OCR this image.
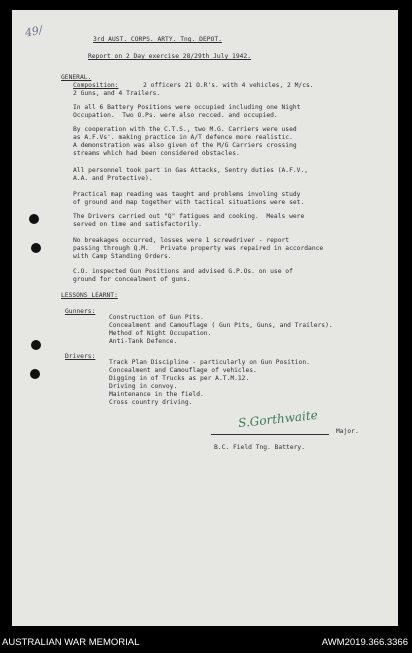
49/	3rd AUST. CORPS. ARTY. Tng. DEPOT.
Report on 2 Day exercise 28/29th July 1942.
GENERAL.
Composition:	2 officers 21 O.R's. with 4 vehicles, 2 M/cs.
2 Guns, and 4 Trailers.
In all 6 Battery Positions were occupied including one Night
Occupation.  Two O.Ps. were also recced. and occupied.
By cooperation with the C.T.S., two M.G. Carriers were used
as A.F.Vs'. making practice in A/T defence more realistic.
A demonstration was also given of the M/G Carriers crossing
streams which had been considered obstacles.
All personnel took part in Gas Attacks, Sentry duties (A.F.V.,
A.A. and Protective).
Practical map reading was taught and problems involing study
of ground and map together with tactical situations were set.
The Drivers carried out "Q" fatigues and cooking.  Meals were
served on time and satisfactorily.
No breakages occurred, losses were 1 screwdriver - report
passing through Q.M.   Private property was repaired in accordance
with Camp Standing Orders.
C.O. inspected Gun Positions and advised G.P.Os. on use of
ground for concealment of guns.
LESSONS LEARNT:
Gunners:
Construction of Gun Pits.
Concealment and Camouflage ( Gun Pits, Guns, and Trailers).
Method of Night Occupation.
Anti-Tank Defence.
Drivers:
Track Plan Discipline - particularly on Gun Position.
Concealment and Camouflage of vehicles.
Digging in of Trucks as per A.T.M.12.
Driving in convoy.
Maintenance in the field.
Cross country driving.
S.Gorthwaite
Major.
B.C. Field Tng. Battery.
AUSTRALIAN WAR MEMORIAL	AWM2019.366.3366
